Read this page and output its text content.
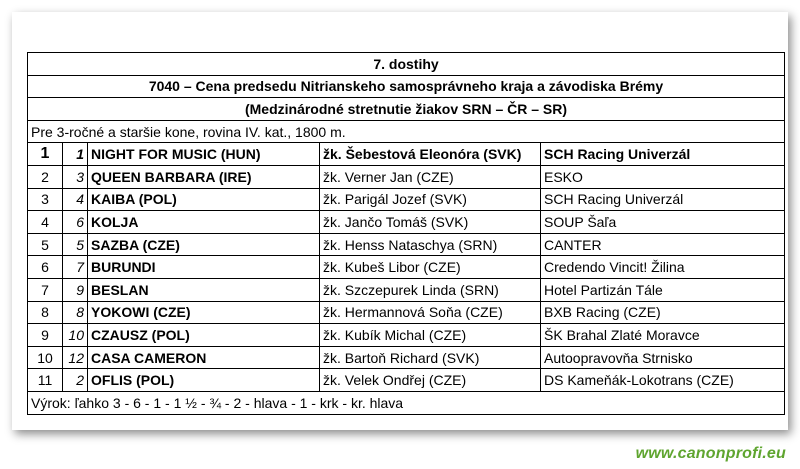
7. dostihy				
7040 – Cena predsedu Nitrianskeho samosprávneho kraja a závodiska Brémy				
(Medzinárodné stretnutie žiakov SRN – ČR – SR)				
Pre 3-ročné a staršie kone, rovina IV. kat., 1800 m.				
1	1	NIGHT FOR MUSIC (HUN)	žk. Šebestová Eleonóra (SVK)	SCH Racing Univerzál
2	3	QUEEN BARBARA (IRE)	žk. Verner Jan (CZE)	ESKO
3	4	KAIBA (POL)	žk. Parigál Jozef (SVK)	SCH Racing Univerzál
4	6	KOLJA	žk. Jančo Tomáš (SVK)	SOUP Šaľa
5	5	SAZBA (CZE)	žk. Henss Nataschya (SRN)	CANTER
6	7	BURUNDI	žk. Kubeš Libor (CZE)	Credendo Vincit! Žilina
7	9	BESLAN	žk. Szczepurek Linda (SRN)	Hotel Partizán Tále
8	8	YOKOWI (CZE)	žk. Hermannová Soňa (CZE)	BXB Racing (CZE)
9	10	CZAUSZ (POL)	žk. Kubík Michal (CZE)	ŠK Brahal Zlaté Moravce
10	12	CASA CAMERON	žk. Bartoň Richard (SVK)	Autoopravovňa Strnisko
11	2	OFLIS (POL)	žk. Velek Ondřej (CZE)	DS Kameňák-Lokotrans (CZE)
Výrok: ľahko 3 - 6 - 1 - 1 ½ - ¾ - 2 - hlava - 1 - krk - kr. hlava				
www.canonprofi.eu
